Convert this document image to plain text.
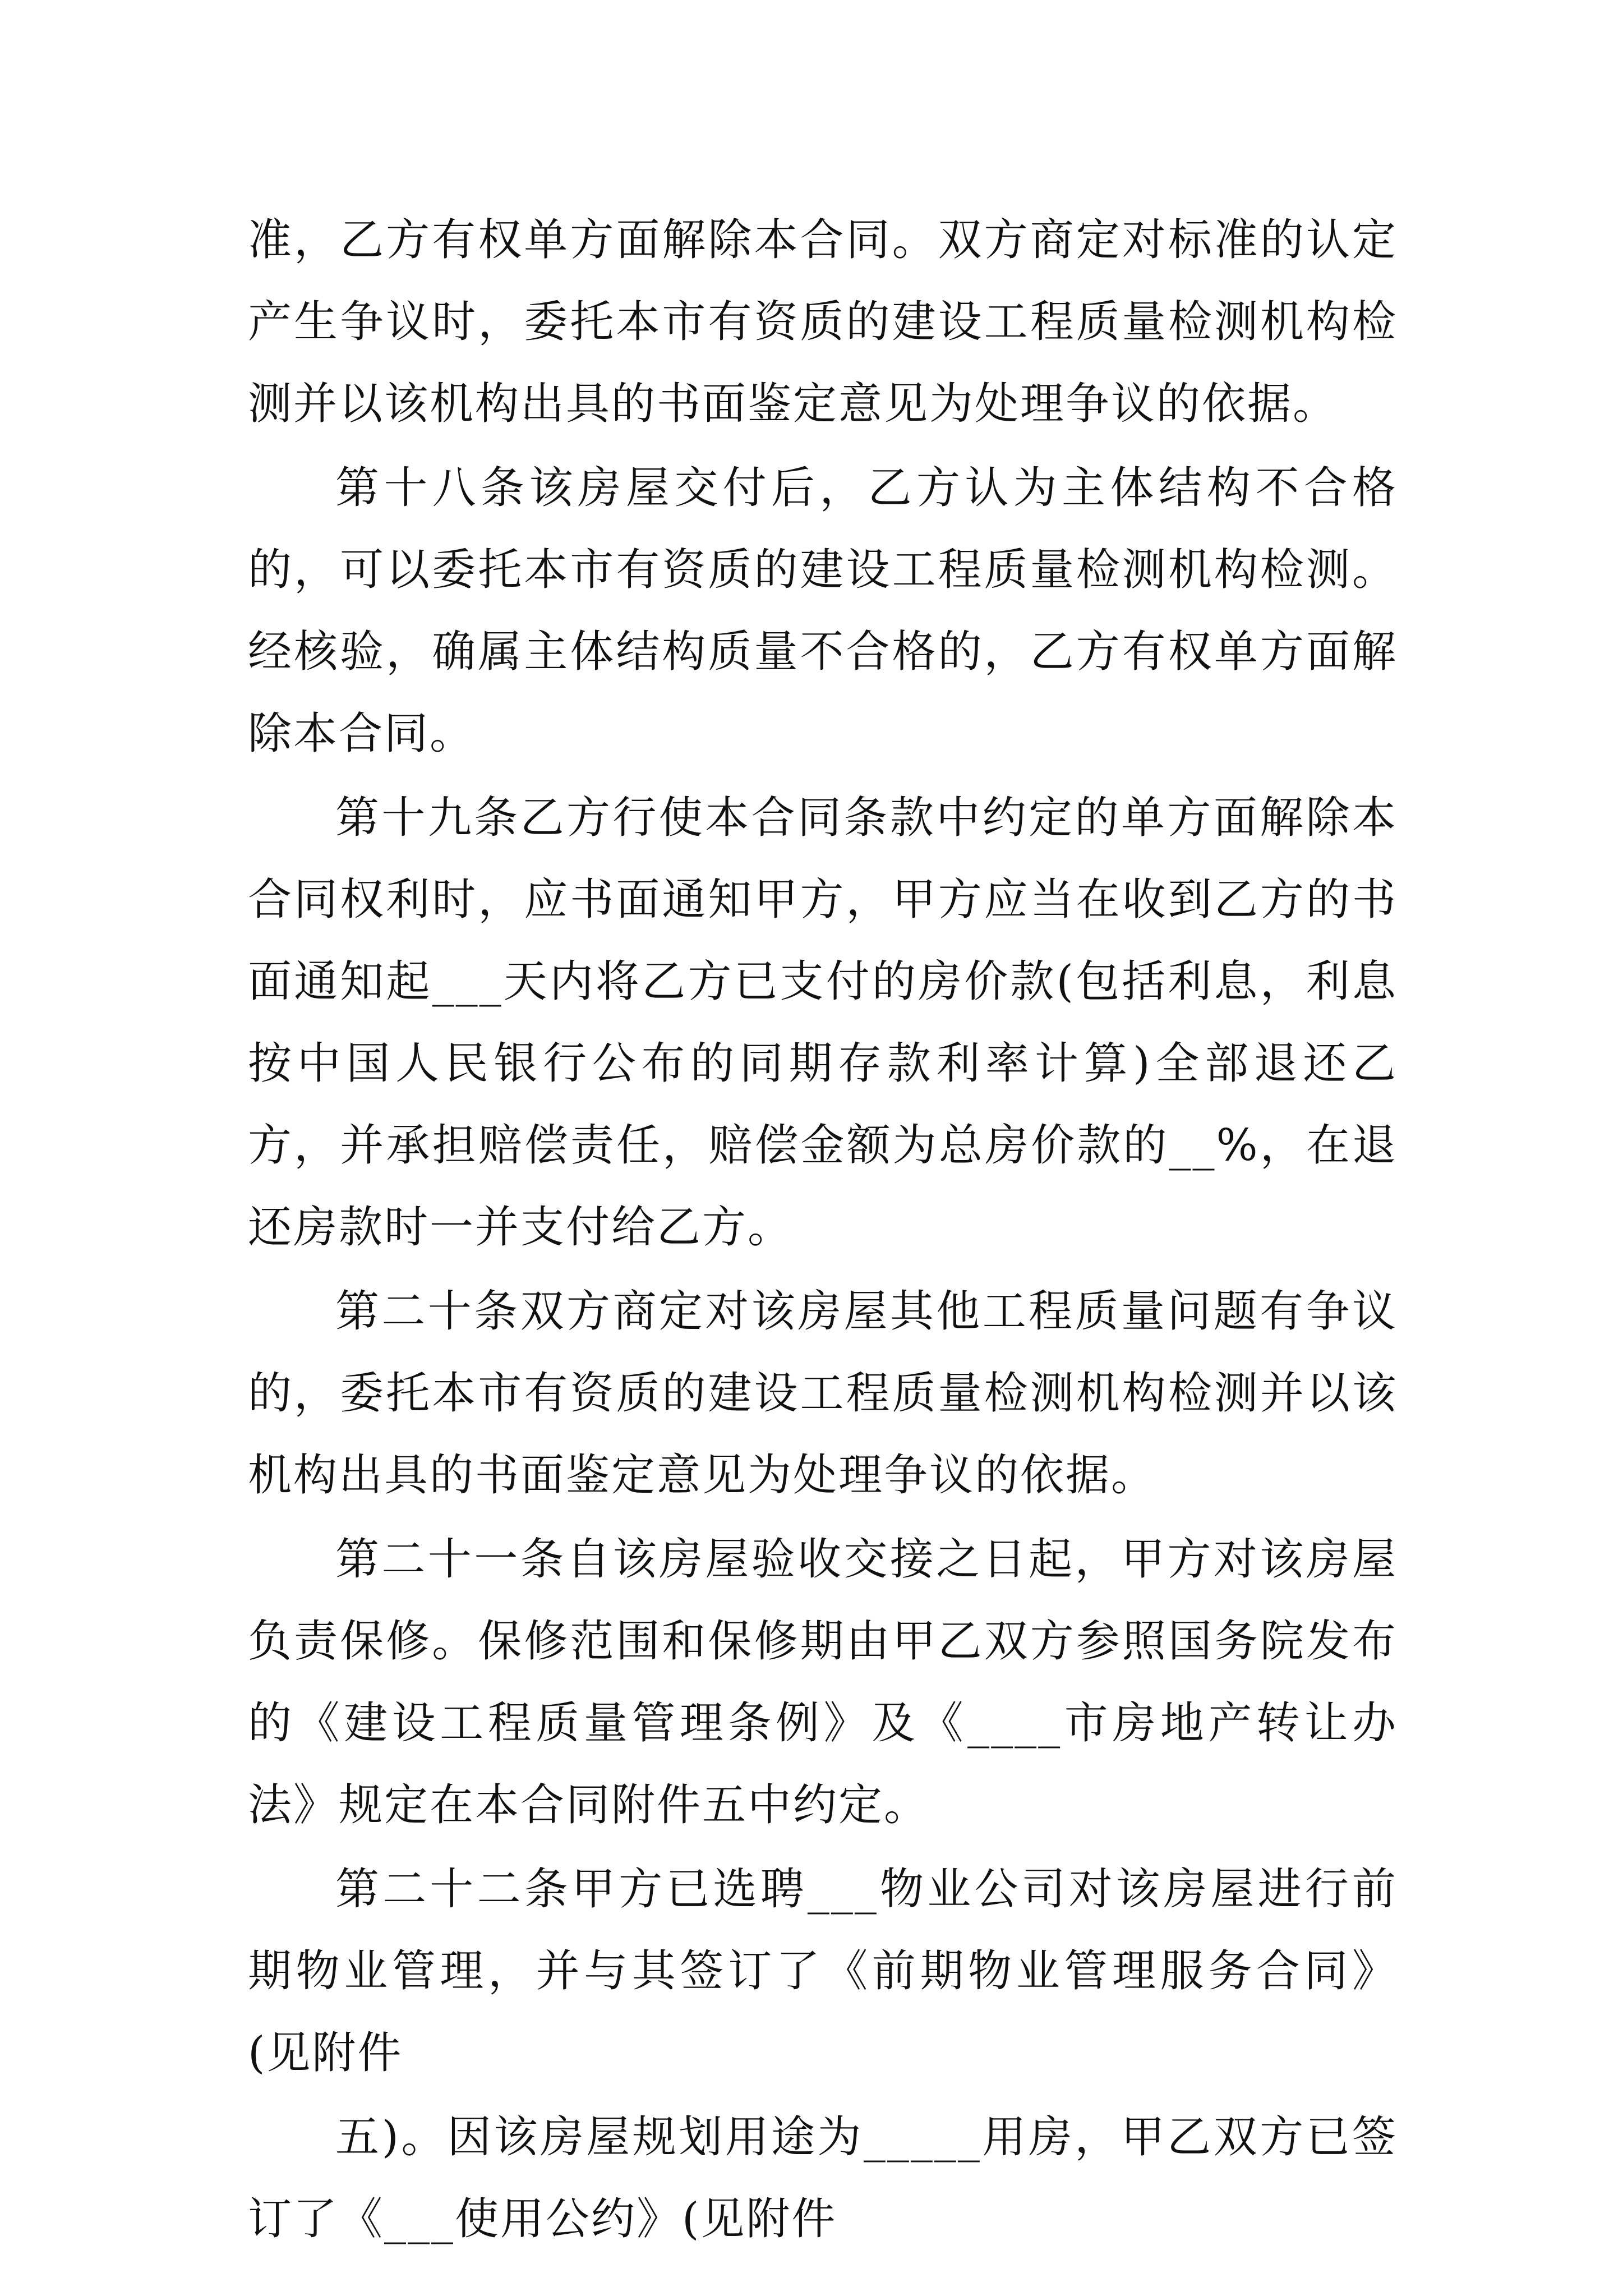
准，乙方有权单方面解除本合同。双方商定对标准的认定产生争议时，委托本市有资质的建设工程质量检测机构检测并以该机构出具的书面鉴定意见为处理争议的依据。

第十八条该房屋交付后，乙方认为主体结构不合格的，可以委托本市有资质的建设工程质量检测机构检测。经核验，确属主体结构质量不合格的，乙方有权单方面解除本合同。

第十九条乙方行使本合同条款中约定的单方面解除本合同权利时，应书面通知甲方，甲方应当在收到乙方的书面通知起___天内将乙方已支付的房价款(包括利息，利息按中国人民银行公布的同期存款利率计算)全部退还乙方，并承担赔偿责任，赔偿金额为总房价款的__%，在退还房款时一并支付给乙方。

第二十条双方商定对该房屋其他工程质量问题有争议的，委托本市有资质的建设工程质量检测机构检测并以该机构出具的书面鉴定意见为处理争议的依据。

第二十一条自该房屋验收交接之日起，甲方对该房屋负责保修。保修范围和保修期由甲乙双方参照国务院发布的《建设工程质量管理条例》及《____市房地产转让办法》规定在本合同附件五中约定。

第二十二条甲方已选聘___物业公司对该房屋进行前期物业管理，并与其签订了《前期物业管理服务合同》(见附件

五)。因该房屋规划用途为_____用房，甲乙双方已签订了《___使用公约》(见附件
